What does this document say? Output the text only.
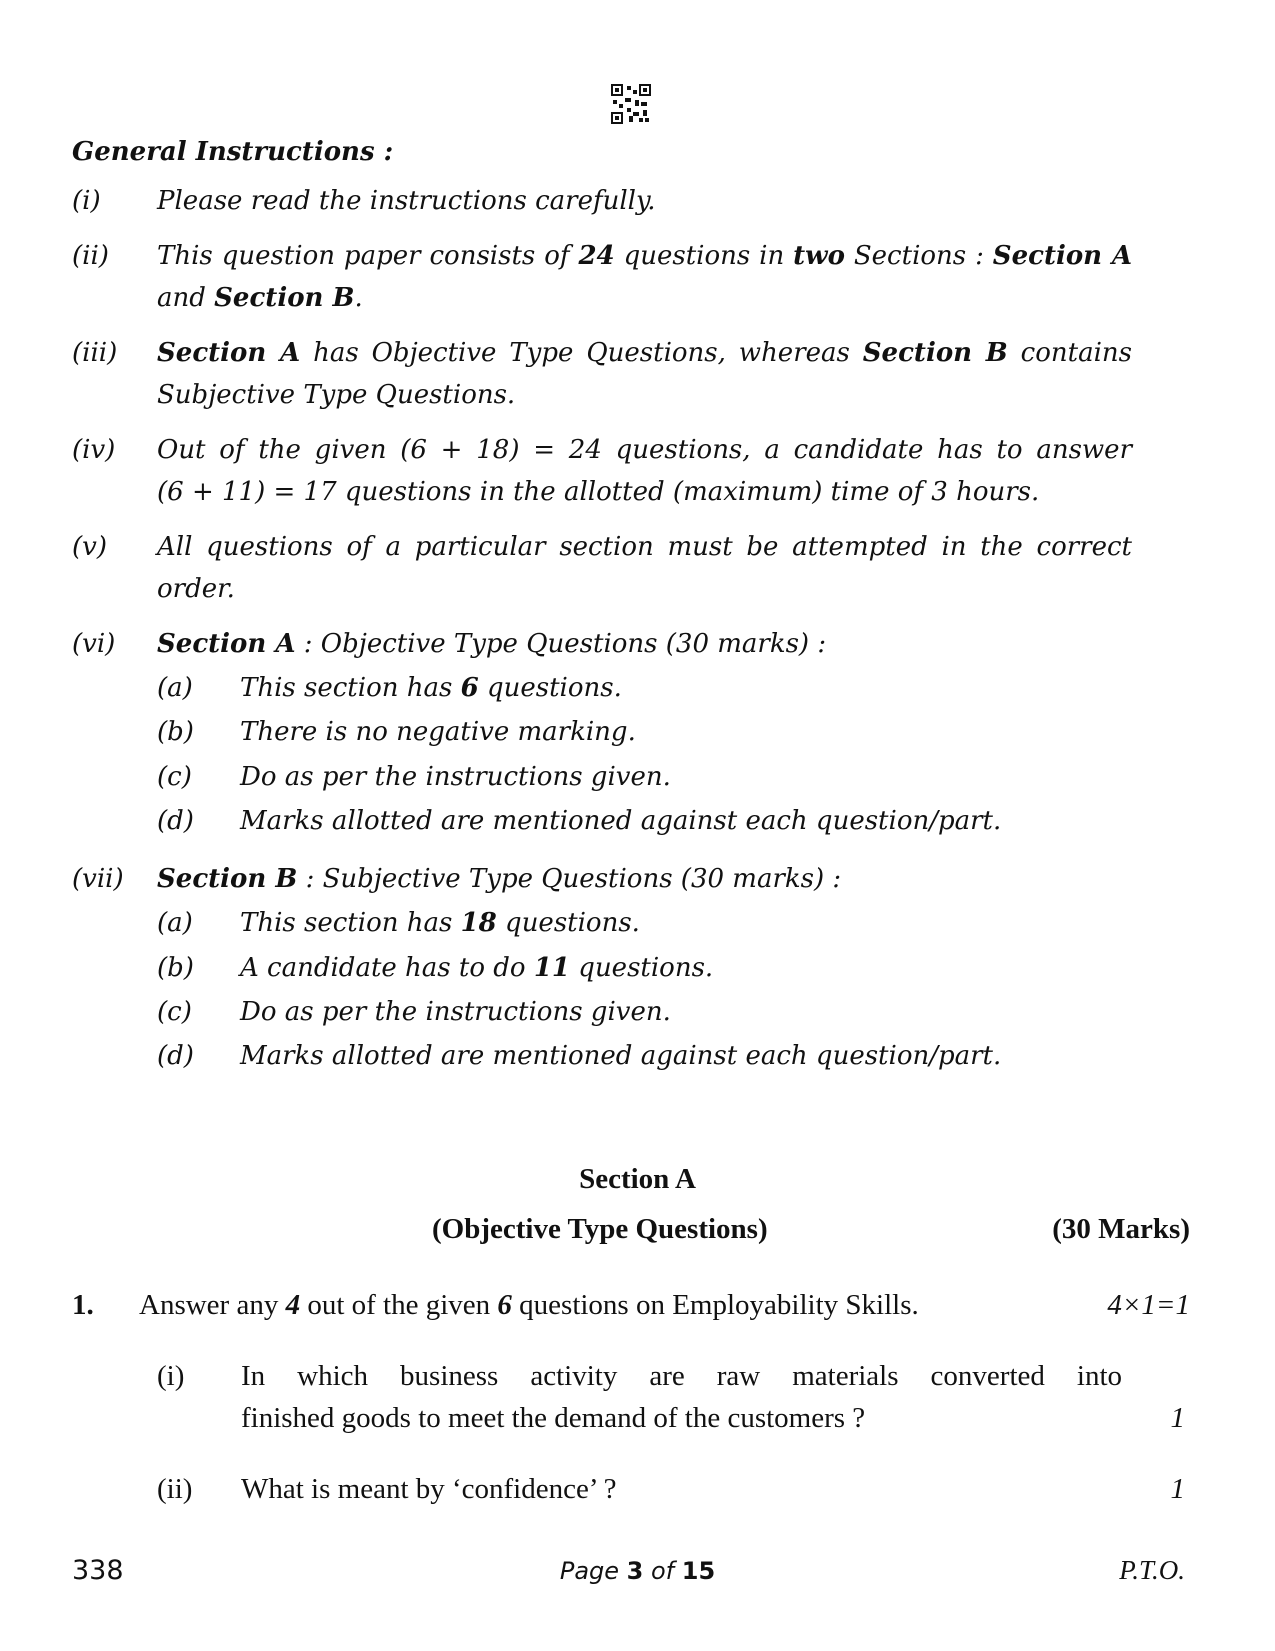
General Instructions :
(i) Please read the instructions carefully.
(ii) This question paper consists of 24 questions in two Sections : Section A
and Section B.
(iii) Section A has Objective Type Questions, whereas Section B contains
Subjective Type Questions.
(iv) Out of the given (6 + 18) = 24 questions, a candidate has to answer
(6 + 11) = 17 questions in the allotted (maximum) time of 3 hours.
(v) All questions of a particular section must be attempted in the correct
order.
(vi) Section A : Objective Type Questions (30 marks) :
(a) This section has 6 questions.
(b) There is no negative marking.
(c) Do as per the instructions given.
(d) Marks allotted are mentioned against each question/part.
(vii) Section B : Subjective Type Questions (30 marks) :
(a) This section has 18 questions.
(b) A candidate has to do 11 questions.
(c) Do as per the instructions given.
(d) Marks allotted are mentioned against each question/part.
Section A
(Objective Type Questions)	(30 Marks)
1. Answer any 4 out of the given 6 questions on Employability Skills.	4×1=1
(i) In which business activity are raw materials converted into
finished goods to meet the demand of the customers ?	1
(ii) What is meant by ‘confidence’ ?	1
338	Page 3 of 15	P.T.O.
